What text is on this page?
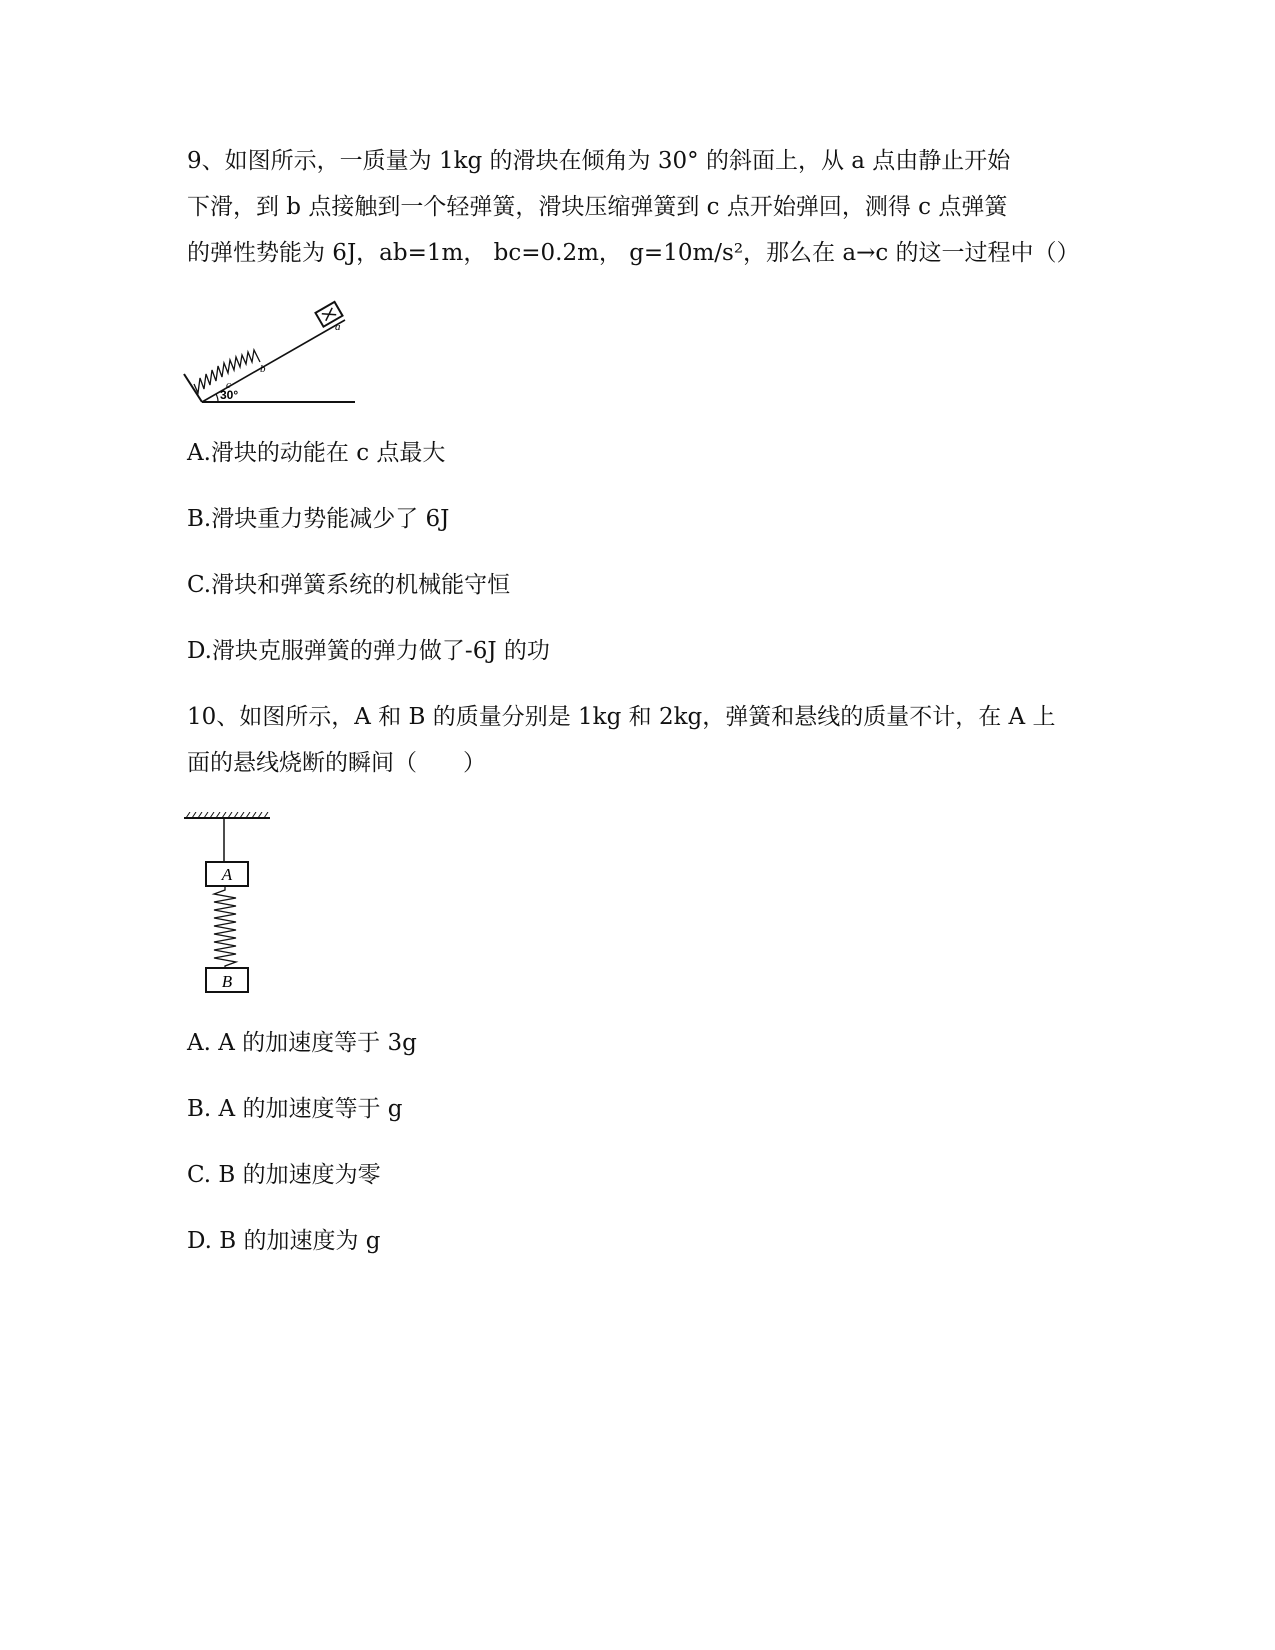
9、如图所示，一质量为 1kg 的滑块在倾角为 30° 的斜面上，从 a 点由静止开始
下滑，到 b 点接触到一个轻弹簧，滑块压缩弹簧到 c 点开始弹回，测得 c 点弹簧
的弹性势能为 6J，ab=1m， bc=0.2m， g=10m/s²，那么在 a→c 的这一过程中（）
a
b
c
30°
A.滑块的动能在 c 点最大
B.滑块重力势能减少了 6J
C.滑块和弹簧系统的机械能守恒
D.滑块克服弹簧的弹力做了-6J 的功
10、如图所示，A 和 B 的质量分别是 1kg 和 2kg，弹簧和悬线的质量不计，在 A 上
面的悬线烧断的瞬间（　　）
A
B
A. A 的加速度等于 3g
B. A 的加速度等于 g
C. B 的加速度为零
D. B 的加速度为 g
